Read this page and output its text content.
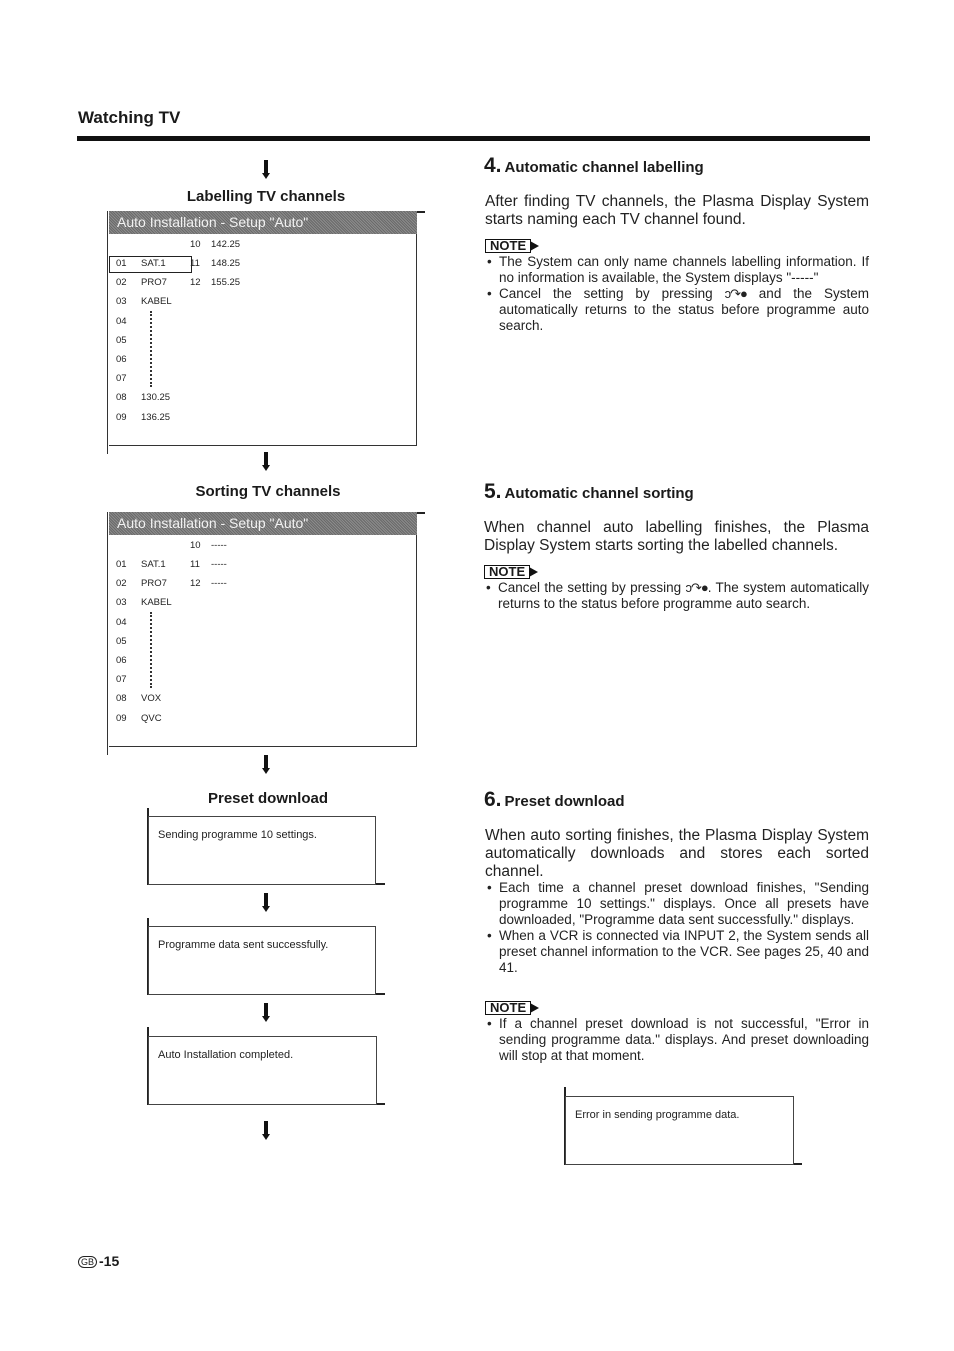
Watching TV
Labelling TV channels
Auto Installation - Setup "Auto"
01 SAT.1
02 PRO7
03 KABEL
04
05
06
07
08 130.25
09 136.25
10 142.25
11 148.25
12 155.25
Sorting TV channels
Auto Installation - Setup "Auto"
01 SAT.1
02 PRO7
03 KABEL
04
05
06
07
08 VOX
09 QVC
10 -----
11 -----
12 -----
Preset download
Sending programme 10 settings.
Programme data sent successfully.
Auto Installation completed.
4. Automatic channel labelling
After finding TV channels, the Plasma Display System starts naming each TV channel found.
NOTE
• The System can only name channels labelling information. If no information is available, the System displays "-----"
• Cancel the setting by pressing ↄ↷● and the System automatically returns to the status before programme auto search.
5. Automatic channel sorting
When channel auto labelling finishes, the Plasma Display System starts sorting the labelled channels.
NOTE
• Cancel the setting by pressing ↄ↷●. The system automatically returns to the status before programme auto search.
6. Preset download
When auto sorting finishes, the Plasma Display System automatically downloads and stores each sorted channel.
• Each time a channel preset download finishes, "Sending programme 10 settings." displays. Once all presets have downloaded, "Programme data sent successfully." displays.
• When a VCR is connected via INPUT 2, the System sends all preset channel information to the VCR. See pages 25, 40 and 41.
NOTE
• If a channel preset download is not successful, "Error in sending programme data." displays. And preset downloading will stop at that moment.
Error in sending programme data.
GB -15
